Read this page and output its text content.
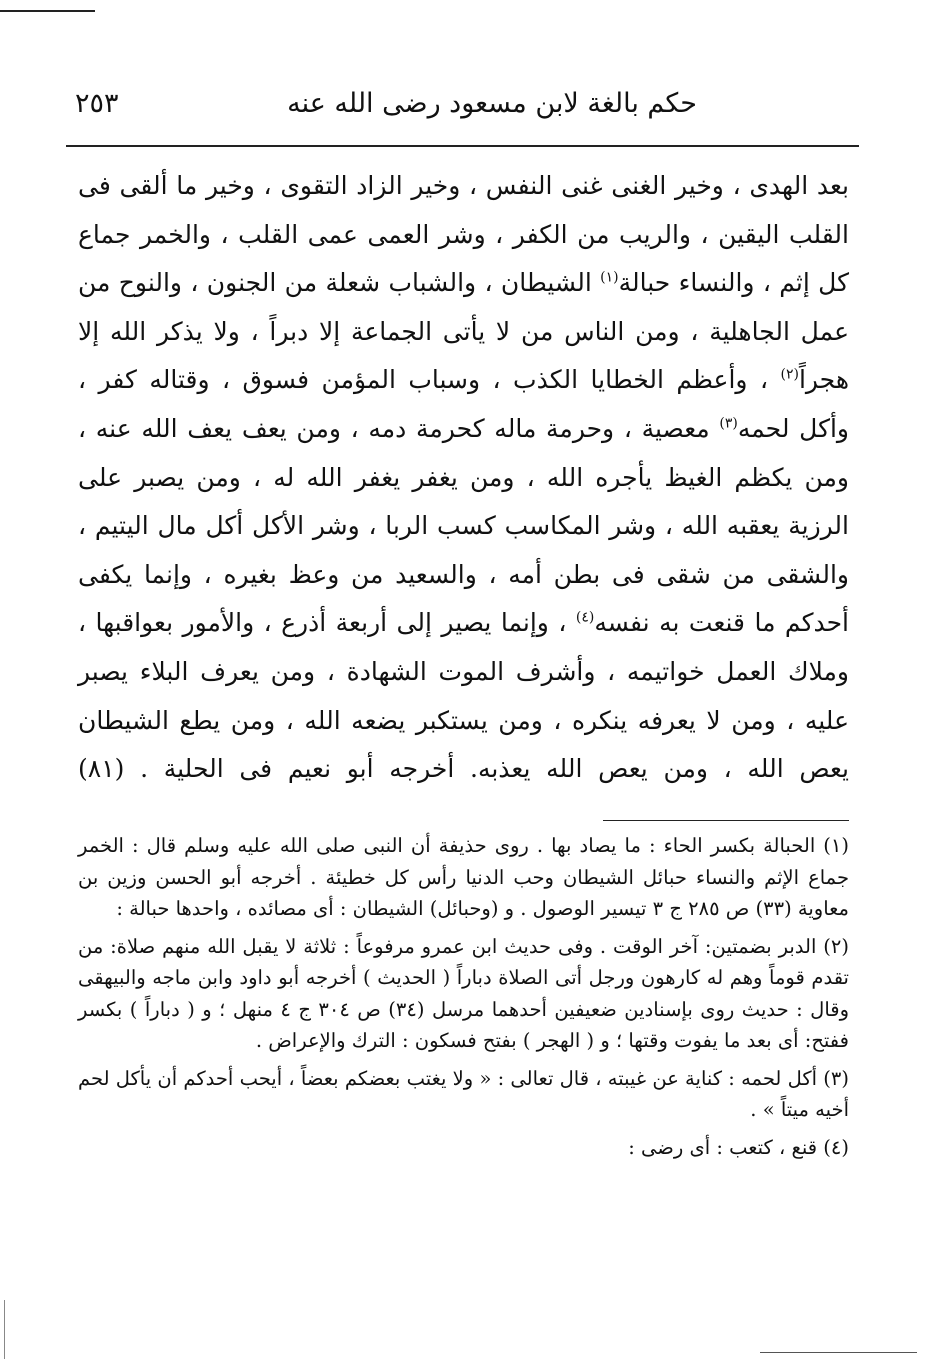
حكم بالغة لابن مسعود رضى الله عنه
٢٥٣

بعد الهدى ، وخير الغنى غنى النفس ، وخير الزاد التقوى ، وخير ما ألقى فى القلب اليقين ، والريب من الكفر ، وشر العمى عمى القلب ، والخمر جماع كل إثم ، والنساء حبالة$^{(١)}$ الشيطان ، والشباب شعلة من الجنون ، والنوح من عمل الجاهلية ، ومن الناس من لا يأتى الجماعة إلا دبراً ، ولا يذكر الله إلا هجراً$^{(٢)}$ ، وأعظم الخطايا الكذب ، وسباب المؤمن فسوق ، وقتاله كفر ، وأكل لحمه$^{(٣)}$ معصية ، وحرمة ماله كحرمة دمه ، ومن يعف يعف الله عنه ، ومن يكظم الغيظ يأجره الله ، ومن يغفر يغفر الله له ، ومن يصبر على الرزية يعقبه الله ، وشر المكاسب كسب الربا ، وشر الأكل أكل مال اليتيم ، والشقى من شقى فى بطن أمه ، والسعيد من وعظ بغيره ، وإنما يكفى أحدكم ما قنعت به نفسه$^{(٤)}$ ، وإنما يصير إلى أربعة أذرع ، والأمور بعواقبها ، وملاك العمل خواتيمه ، وأشرف الموت الشهادة ، ومن يعرف البلاء يصبر عليه ، ومن لا يعرفه ينكره ، ومن يستكبر يضعه الله ، ومن يطع الشيطان يعص الله ، ومن يعص الله يعذبه. أخرجه أبو نعيم فى الحلية . (٨١)

(١) الحبالة بكسر الحاء : ما يصاد بها . روى حذيفة أن النبى صلى الله عليه وسلم قال : الخمر جماع الإثم والنساء حبائل الشيطان وحب الدنيا رأس كل خطيئة . أخرجه أبو الحسن وزين بن معاوية (٣٣) ص ٢٨٥ ج ٣ تيسير الوصول . و (وحبائل) الشيطان : أى مصائده ، واحدها حبالة :

(٢) الدبر بضمتين: آخر الوقت . وفى حديث ابن عمرو مرفوعاً : ثلاثة لا يقبل الله منهم صلاة: من تقدم قوماً وهم له كارهون ورجل أتى الصلاة دباراً ( الحديث ) أخرجه أبو داود وابن ماجه والبيهقى وقال : حديث روى بإسنادين ضعيفين أحدهما مرسل (٣٤) ص ٣٠٤ ج ٤ منهل ؛ و ( دباراً ) بكسر ففتح: أى بعد ما يفوت وقتها ؛ و ( الهجر ) بفتح فسكون : الترك والإعراض .

(٣) أكل لحمه : كناية عن غيبته ، قال تعالى : « ولا يغتب بعضكم بعضاً ، أيحب أحدكم أن يأكل لحم أخيه ميتاً » .

(٤) قنع ، كتعب : أى رضى :
